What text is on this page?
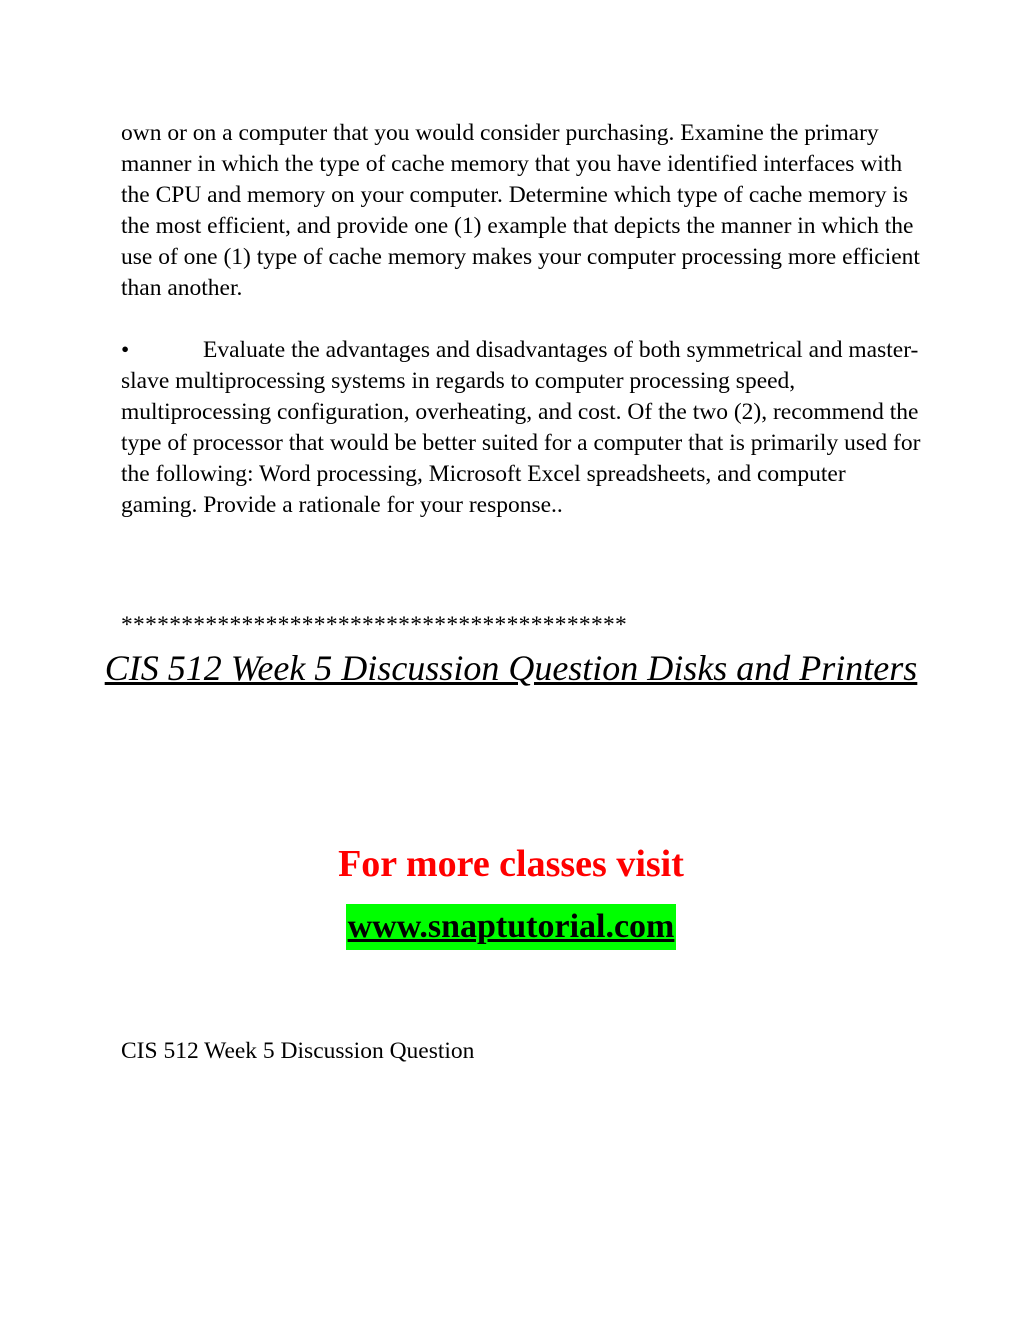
own or on a computer that you would consider purchasing. Examine the primary manner in which the type of cache memory that you have identified interfaces with the CPU and memory on your computer. Determine which type of cache memory is the most efficient, and provide one (1) example that depicts the manner in which the use of one (1) type of cache memory makes your computer processing more efficient than another.

•	Evaluate the advantages and disadvantages of both symmetrical and master-slave multiprocessing systems in regards to computer processing speed, multiprocessing configuration, overheating, and cost. Of the two (2), recommend the type of processor that would be better suited for a computer that is primarily used for the following: Word processing, Microsoft Excel spreadsheets, and computer gaming. Provide a rationale for your response..

******************************************
CIS 512 Week 5 Discussion Question Disks and Printers
For more classes visit
www.snaptutorial.com
CIS 512 Week 5 Discussion Question
